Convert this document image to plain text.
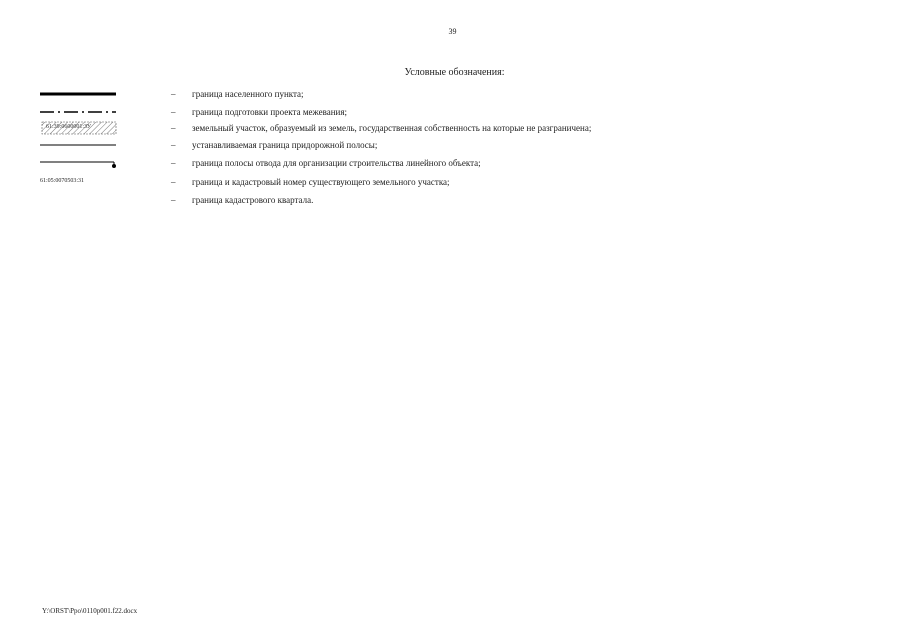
39
Условные обозначения:
– граница населенного пункта;
– граница подготовки проекта межевания;
61:39:0600001:ЗУ	– земельный участок, образуемый из земель, государственная собственность на которые не разграничена;
– устанавливаемая граница придорожной полосы;
– граница полосы отвода для организации строительства линейного объекта;
61:05:0070503:31	– граница и кадастровый номер существующего земельного участка;
– граница кадастрового квартала.
Y:\ORST\Ppo\0110p001.f22.docx
